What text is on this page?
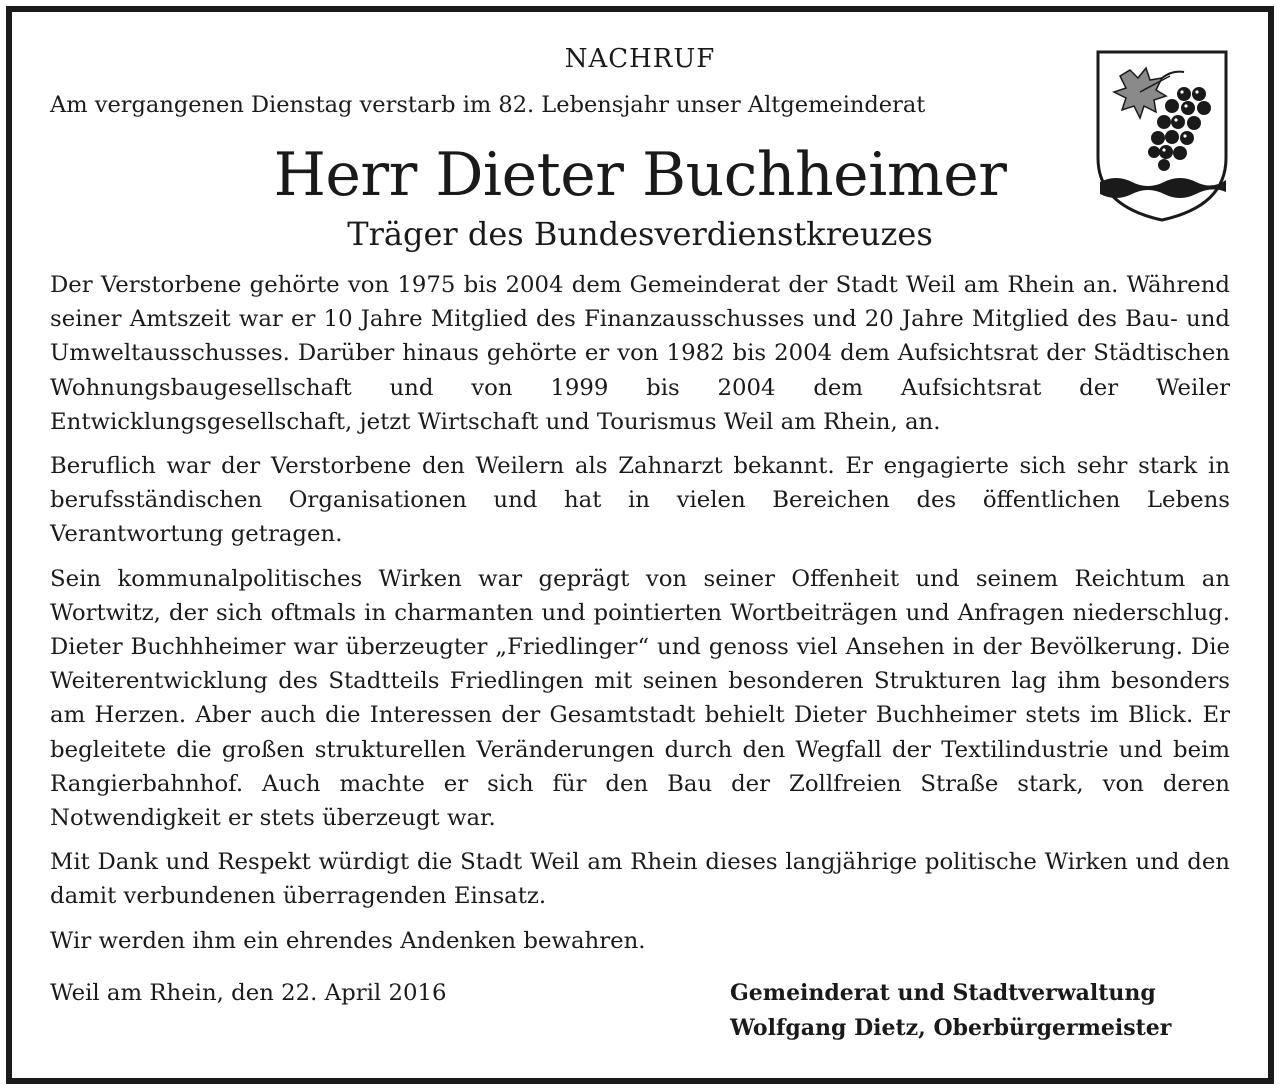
NACHRUF
Am vergangenen Dienstag verstarb im 82. Lebensjahr unser Altgemeinderat
Herr Dieter Buchheimer
Träger des Bundesverdienstkreuzes

Der Verstorbene gehörte von 1975 bis 2004 dem Gemeinderat der Stadt Weil am Rhein an. Während seiner Amtszeit war er 10 Jahre Mitglied des Finanzausschusses und 20 Jahre Mitglied des Bau- und Umweltausschusses. Darüber hinaus gehörte er von 1982 bis 2004 dem Aufsichtsrat der Städtischen Wohnungsbaugesellschaft und von 1999 bis 2004 dem Aufsichtsrat der Weiler Entwicklungsgesellschaft, jetzt Wirtschaft und Tourismus Weil am Rhein, an.

Beruflich war der Verstorbene den Weilern als Zahnarzt bekannt. Er engagierte sich sehr stark in berufsständischen Organisationen und hat in vielen Bereichen des öffentlichen Lebens Verantwortung getragen.

Sein kommunalpolitisches Wirken war geprägt von seiner Offenheit und seinem Reichtum an Wortwitz, der sich oftmals in charmanten und pointierten Wortbeiträgen und Anfragen niederschlug. Dieter Buchhheimer war überzeugter „Friedlinger“ und genoss viel Ansehen in der Bevölkerung. Die Weiterentwicklung des Stadtteils Friedlingen mit seinen besonderen Strukturen lag ihm besonders am Herzen. Aber auch die Interessen der Gesamtstadt behielt Dieter Buchheimer stets im Blick. Er begleitete die großen strukturellen Veränderungen durch den Wegfall der Textilindustrie und beim Rangierbahnhof. Auch machte er sich für den Bau der Zollfreien Straße stark, von deren Notwendigkeit er stets überzeugt war.

Mit Dank und Respekt würdigt die Stadt Weil am Rhein dieses langjährige politische Wirken und den damit verbundenen überragenden Einsatz.

Wir werden ihm ein ehrendes Andenken bewahren.

Weil am Rhein, den 22. April 2016	Gemeinderat und Stadtverwaltung
Wolfgang Dietz, Oberbürgermeister
